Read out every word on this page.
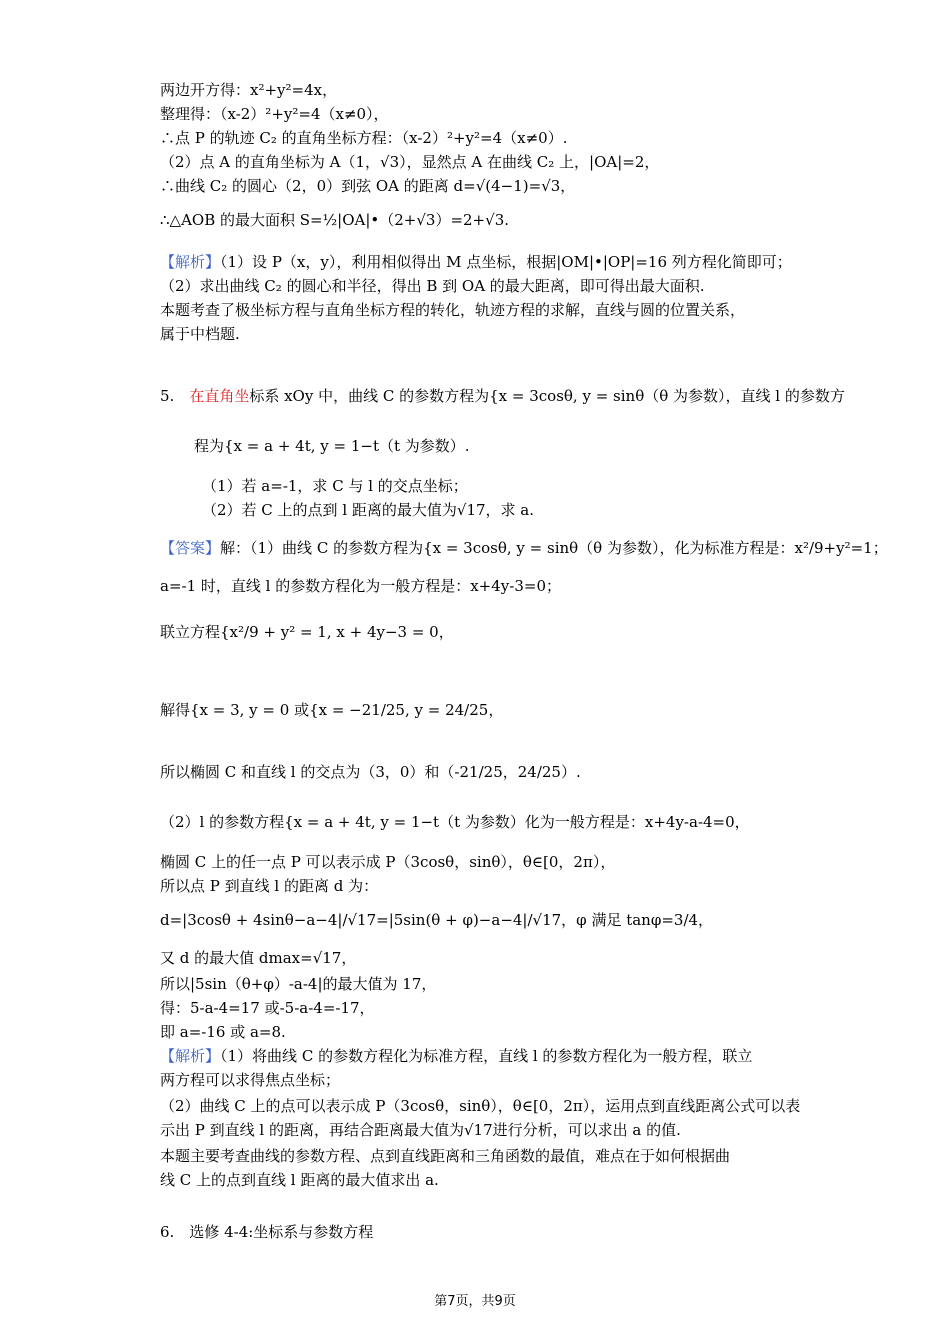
两边开方得：x²+y²=4x，
整理得：（x-2）²+y²=4（x≠0），
∴点 P 的轨迹 C₂ 的直角坐标方程：（x-2）²+y²=4（x≠0）.
（2）点 A 的直角坐标为 A（1，√3），显然点 A 在曲线 C₂ 上，|OA|=2，
∴曲线 C₂ 的圆心（2，0）到弦 OA 的距离 d=√(4−1)=√3，
∴△AOB 的最大面积 S=½|OA|•（2+√3）=2+√3.
【解析】（1）设 P（x，y），利用相似得出 M 点坐标，根据|OM|•|OP|=16 列方程化简即可；
（2）求出曲线 C₂ 的圆心和半径，得出 B 到 OA 的最大距离，即可得出最大面积.
本题考查了极坐标方程与直角坐标方程的转化，轨迹方程的求解，直线与圆的位置关系，
属于中档题.
5.　在直角坐标系 xOy 中，曲线 C 的参数方程为{x = 3cosθ, y = sinθ（θ 为参数），直线 l 的参数方
程为{x = a + 4t, y = 1−t（t 为参数）.
（1）若 a=-1，求 C 与 l 的交点坐标；
（2）若 C 上的点到 l 距离的最大值为√17，求 a.
【答案】解：（1）曲线 C 的参数方程为{x = 3cosθ, y = sinθ（θ 为参数），化为标准方程是：x²/9+y²=1；
a=-1 时，直线 l 的参数方程化为一般方程是：x+4y-3=0；
联立方程{x²/9 + y² = 1, x + 4y−3 = 0，
解得{x = 3, y = 0 或{x = −21/25, y = 24/25，
所以椭圆 C 和直线 l 的交点为（3，0）和（-21/25，24/25）.
（2）l 的参数方程{x = a + 4t, y = 1−t（t 为参数）化为一般方程是：x+4y-a-4=0，
椭圆 C 上的任一点 P 可以表示成 P（3cosθ，sinθ），θ∈[0，2π），
所以点 P 到直线 l 的距离 d 为：
d=|3cosθ + 4sinθ−a−4|/√17=|5sin(θ + φ)−a−4|/√17，φ 满足 tanφ=3/4，
又 d 的最大值 dmax=√17，
所以|5sin（θ+φ）-a-4|的最大值为 17，
得：5-a-4=17 或-5-a-4=-17，
即 a=-16 或 a=8.
【解析】（1）将曲线 C 的参数方程化为标准方程，直线 l 的参数方程化为一般方程，联立
两方程可以求得焦点坐标；
（2）曲线 C 上的点可以表示成 P（3cosθ，sinθ），θ∈[0，2π），运用点到直线距离公式可以表
示出 P 到直线 l 的距离，再结合距离最大值为√17进行分析，可以求出 a 的值.
本题主要考查曲线的参数方程、点到直线距离和三角函数的最值，难点在于如何根据曲
线 C 上的点到直线 l 距离的最大值求出 a.
6.　选修 4-4:坐标系与参数方程
第7页，共9页
